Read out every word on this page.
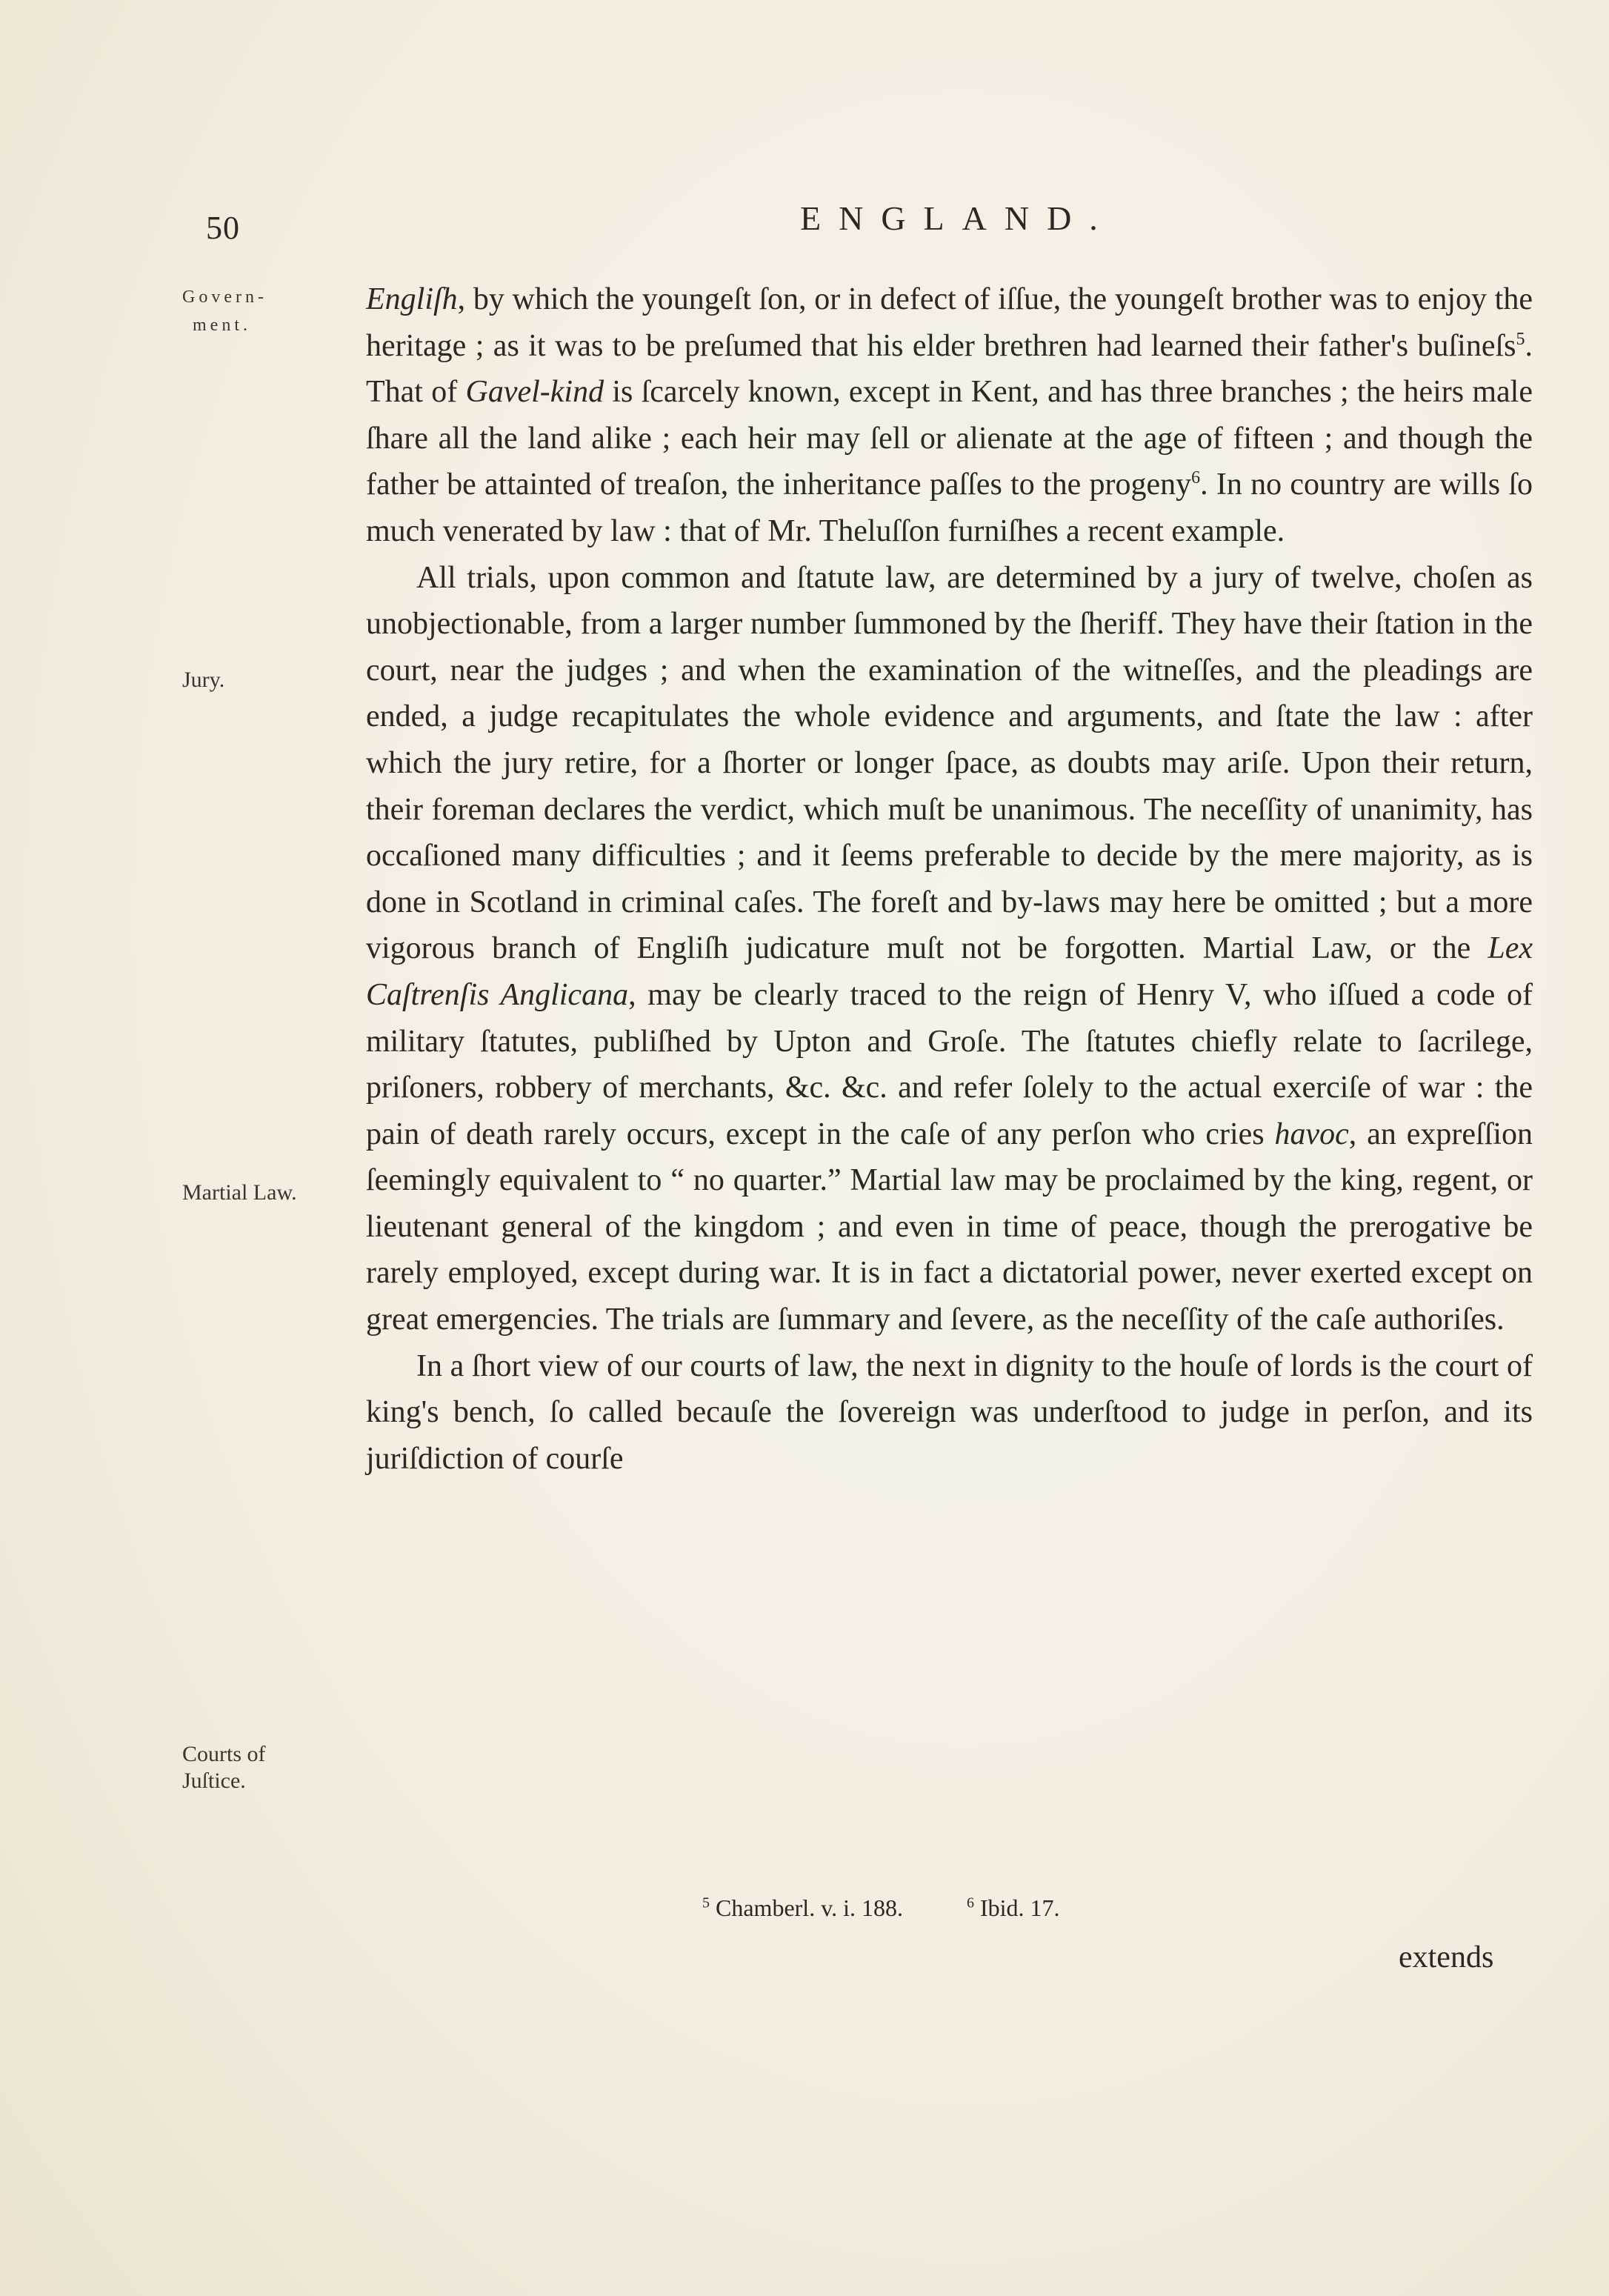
50	ENGLAND.
Govern-
ment.
Jury.
Martial Law.
Courts of
Juſtice.

Engliſh, by which the youngeſt ſon, or in defect of iſſue, the youngeſt brother was to enjoy the heritage ; as it was to be preſumed that his elder brethren had learned their father's buſineſs$^5$. That of Gavel-kind is ſcarcely known, except in Kent, and has three branches ; the heirs male ſhare all the land alike ; each heir may ſell or alienate at the age of fifteen ; and though the father be attainted of treaſon, the inheritance paſſes to the progeny$^6$. In no country are wills ſo much venerated by law : that of Mr. Theluſſon furniſhes a recent example.

All trials, upon common and ſtatute law, are determined by a jury of twelve, choſen as unobjectionable, from a larger number ſummoned by the ſheriff. They have their ſtation in the court, near the judges ; and when the examination of the witneſſes, and the pleadings are ended, a judge recapitulates the whole evidence and arguments, and ſtate the law : after which the jury retire, for a ſhorter or longer ſpace, as doubts may ariſe. Upon their return, their foreman declares the verdict, which muſt be unanimous. The neceſſity of unanimity, has occaſioned many difficulties ; and it ſeems preferable to decide by the mere majority, as is done in Scotland in criminal caſes. The foreſt and by-laws may here be omitted ; but a more vigorous branch of Engliſh judicature muſt not be forgotten. Martial Law, or the Lex Caſtrenſis Anglicana, may be clearly traced to the reign of Henry V, who iſſued a code of military ſtatutes, publiſhed by Upton and Groſe. The ſtatutes chiefly relate to ſacrilege, priſoners, robbery of merchants, &c. &c. and refer ſolely to the actual exerciſe of war : the pain of death rarely occurs, except in the caſe of any perſon who cries havoc, an expreſſion ſeemingly equivalent to “ no quarter.” Martial law may be proclaimed by the king, regent, or lieutenant general of the kingdom ; and even in time of peace, though the prerogative be rarely employed, except during war. It is in fact a dictatorial power, never exerted except on great emergencies. The trials are ſummary and ſevere, as the neceſſity of the caſe authoriſes.

In a ſhort view of our courts of law, the next in dignity to the houſe of lords is the court of king's bench, ſo called becauſe the ſovereign was underſtood to judge in perſon, and its juriſdiction of courſe

$^5$ Chamberl. v. i. 188.	$^6$ Ibid. 17.
extends
